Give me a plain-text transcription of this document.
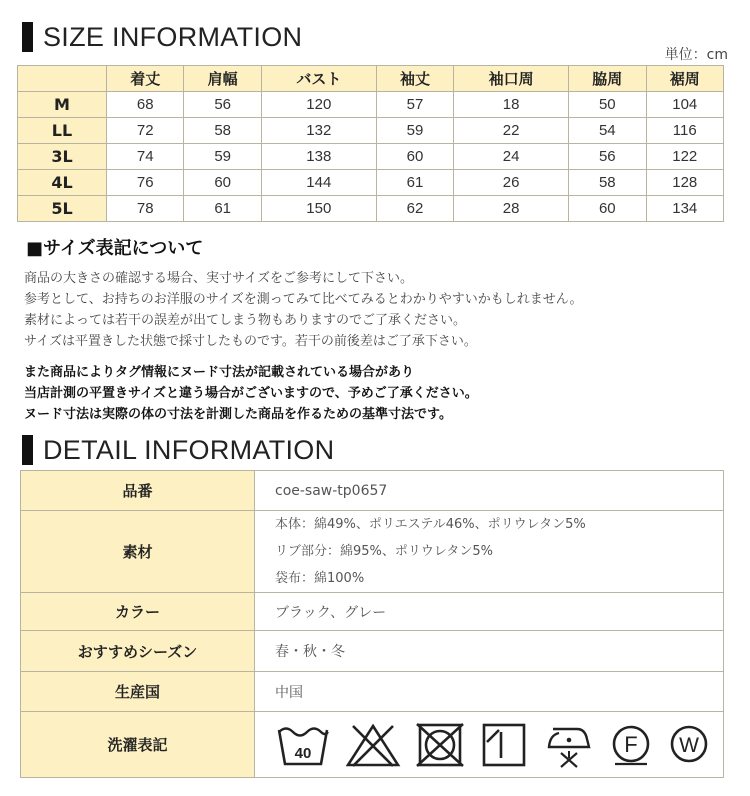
SIZE INFORMATION
単位：cm
	着丈	肩幅	バスト	袖丈	袖口周	脇周	裾周
M	68	56	120	57	18	50	104
LL	72	58	132	59	22	54	116
3L	74	59	138	60	24	56	122
4L	76	60	144	61	26	58	128
5L	78	61	150	62	28	60	134
■サイズ表記について
商品の大きさの確認する場合、実寸サイズをご参考にして下さい。
参考として、お持ちのお洋服のサイズを測ってみて比べてみるとわかりやすいかもしれません。
素材によっては若干の誤差が出てしまう物もありますのでご了承ください。
サイズは平置きした状態で採寸したものです。若干の前後差はご了承下さい。
また商品によりタグ情報にヌード寸法が記載されている場合があり
当店計測の平置きサイズと違う場合がございますので、予めご了承ください。
ヌード寸法は実際の体の寸法を計測した商品を作るための基準寸法です。
DETAIL INFORMATION
品番	coe-saw-tp0657
素材	本体：綿49%、ポリエステル46%、ポリウレタン5%
リブ部分：綿95%、ポリウレタン5%
袋布：綿100%

カラー	ブラック、グレー
おすすめシーズン	春・秋・冬
生産国	中国
洗濯表記	40 F W
